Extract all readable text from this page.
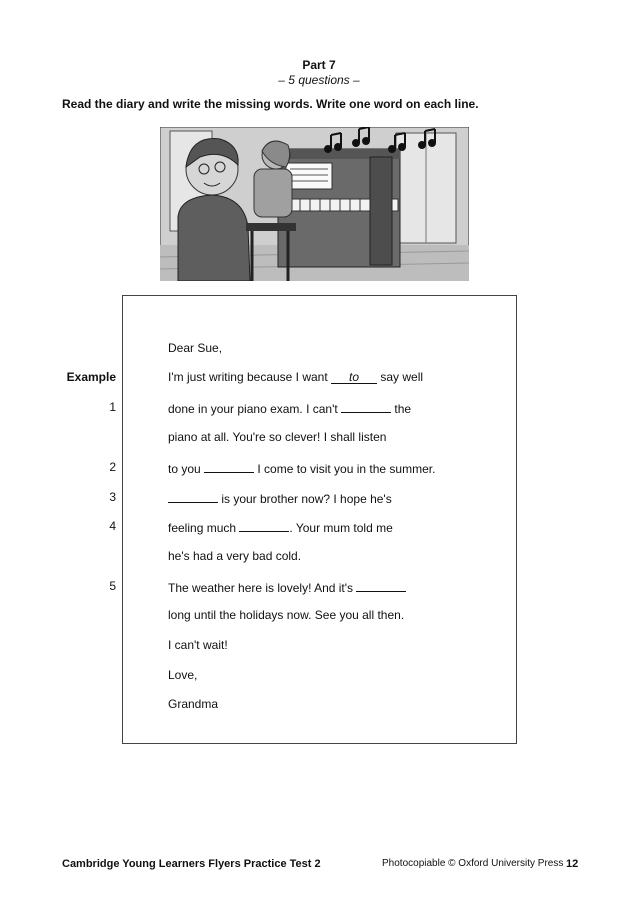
Part 7
– 5 questions –
Read the diary and write the missing words. Write one word on each line.
Dear Sue,
Example	I'm just writing because I want to say well
1	done in your piano exam. I can't	the
piano at all. You're so clever! I shall listen
2	to you	I come to visit you in the summer.
3	is your brother now? I hope he's
4	feeling much	. Your mum told me
he's had a very bad cold.
5	The weather here is lovely! And it's
long until the holidays now. See you all then.
I can't wait!
Love,
Grandma
Cambridge Young Learners Flyers Practice Test 2	Photocopiable © Oxford University Press 12
